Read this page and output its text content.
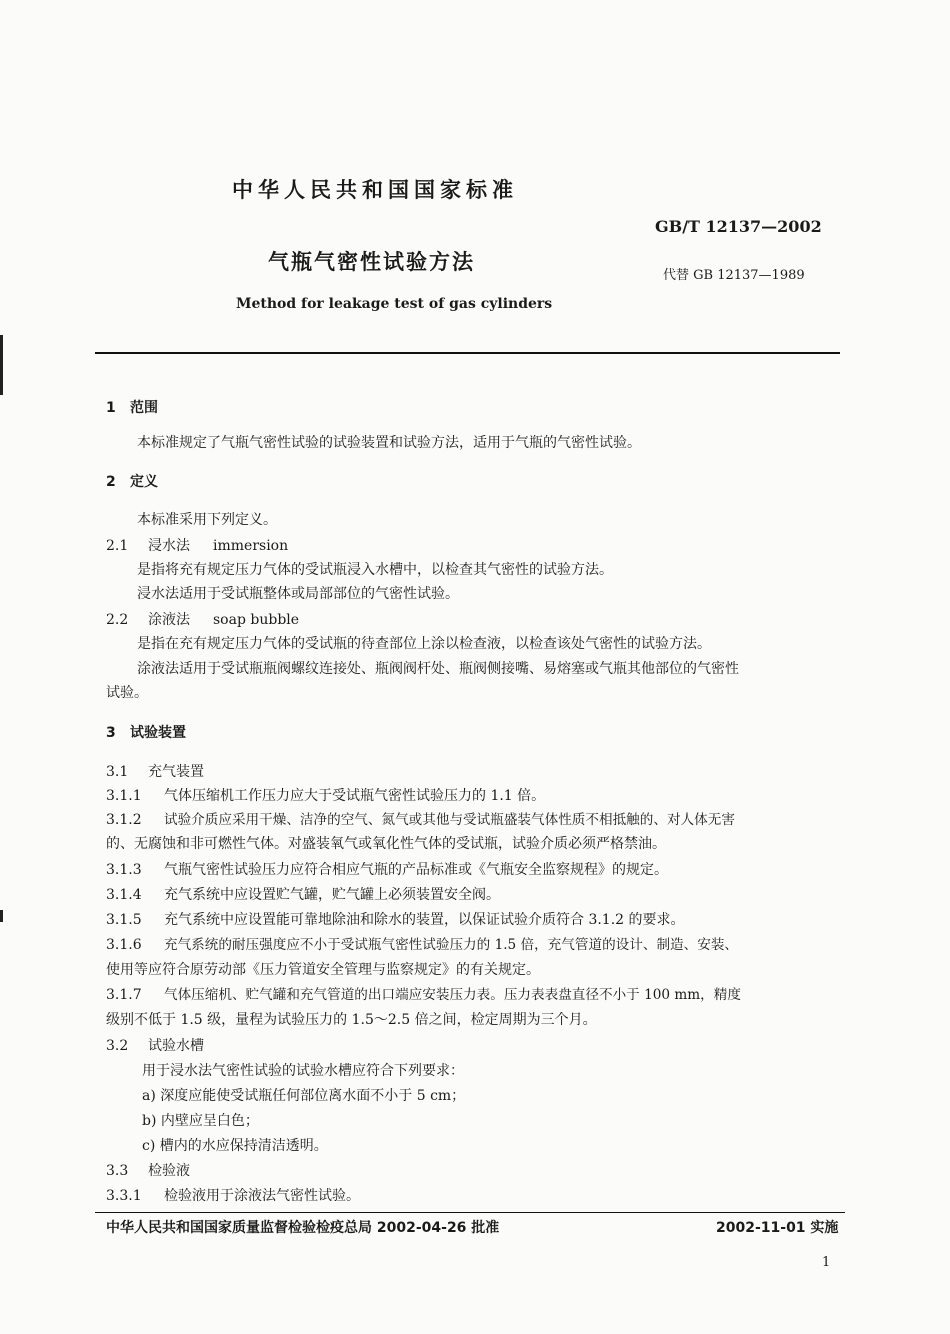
中华人民共和国国家标准
GB/T 12137—2002
气瓶气密性试验方法
代替 GB 12137—1989
Method for leakage test of gas cylinders
1 范围
本标准规定了气瓶气密性试验的试验装置和试验方法，适用于气瓶的气密性试验。
2 定义
本标准采用下列定义。
2.1 浸水法 immersion
是指将充有规定压力气体的受试瓶浸入水槽中，以检查其气密性的试验方法。
浸水法适用于受试瓶整体或局部部位的气密性试验。
2.2 涂液法 soap bubble
是指在充有规定压力气体的受试瓶的待查部位上涂以检查液，以检查该处气密性的试验方法。
涂液法适用于受试瓶瓶阀螺纹连接处、瓶阀阀杆处、瓶阀侧接嘴、易熔塞或气瓶其他部位的气密性
试验。
3 试验装置
3.1 充气装置
3.1.1 气体压缩机工作压力应大于受试瓶气密性试验压力的 1.1 倍。
3.1.2 试验介质应采用干燥、洁净的空气、氮气或其他与受试瓶盛装气体性质不相抵触的、对人体无害
的、无腐蚀和非可燃性气体。对盛装氧气或氧化性气体的受试瓶，试验介质必须严格禁油。
3.1.3 气瓶气密性试验压力应符合相应气瓶的产品标准或《气瓶安全监察规程》的规定。
3.1.4 充气系统中应设置贮气罐，贮气罐上必须装置安全阀。
3.1.5 充气系统中应设置能可靠地除油和除水的装置，以保证试验介质符合 3.1.2 的要求。
3.1.6 充气系统的耐压强度应不小于受试瓶气密性试验压力的 1.5 倍，充气管道的设计、制造、安装、
使用等应符合原劳动部《压力管道安全管理与监察规定》的有关规定。
3.1.7 气体压缩机、贮气罐和充气管道的出口端应安装压力表。压力表表盘直径不小于 100 mm，精度
级别不低于 1.5 级，量程为试验压力的 1.5～2.5 倍之间，检定周期为三个月。
3.2 试验水槽
用于浸水法气密性试验的试验水槽应符合下列要求：
a) 深度应能使受试瓶任何部位离水面不小于 5 cm；
b) 内壁应呈白色；
c) 槽内的水应保持清洁透明。
3.3 检验液
3.3.1 检验液用于涂液法气密性试验。
中华人民共和国国家质量监督检验检疫总局 2002-04-26 批准	2002-11-01 实施
1
